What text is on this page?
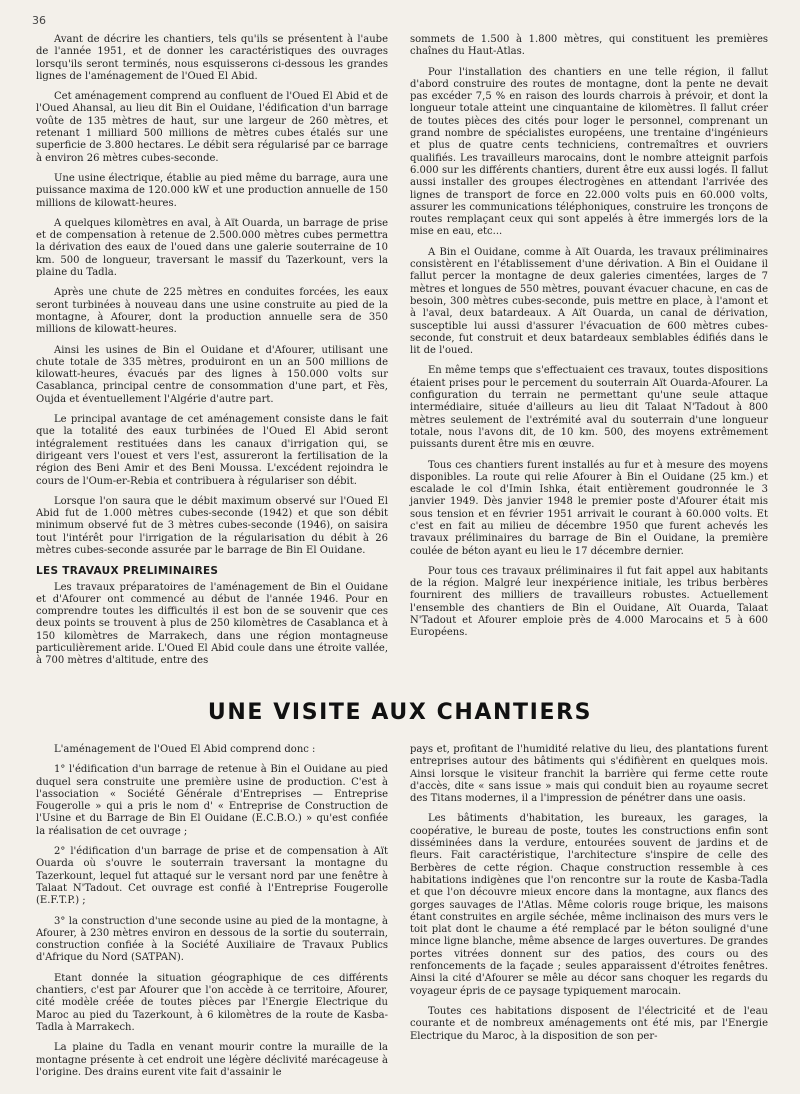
36

Avant de décrire les chantiers, tels qu'ils se présentent à l'aube de l'année 1951, et de donner les caractéristiques des ouvrages lorsqu'ils seront terminés, nous esquisserons ci-dessous les grandes lignes de l'aménagement de l'Oued El Abid.

Cet aménagement comprend au confluent de l'Oued El Abid et de l'Oued Ahansal, au lieu dit Bin el Ouidane, l'édification d'un barrage voûte de 135 mètres de haut, sur une largeur de 260 mètres, et retenant 1 milliard 500 millions de mètres cubes étalés sur une superficie de 3.800 hectares. Le débit sera régularisé par ce barrage à environ 26 mètres cubes-seconde.

Une usine électrique, établie au pied même du barrage, aura une puissance maxima de 120.000 kW et une production annuelle de 150 millions de kilowatt-heures.

A quelques kilomètres en aval, à Aït Ouarda, un barrage de prise et de compensation à retenue de 2.500.000 mètres cubes permettra la dérivation des eaux de l'oued dans une galerie souterraine de 10 km. 500 de longueur, traversant le massif du Tazerkount, vers la plaine du Tadla.

Après une chute de 225 mètres en conduites forcées, les eaux seront turbinées à nouveau dans une usine construite au pied de la montagne, à Afourer, dont la production annuelle sera de 350 millions de kilowatt-heures.

Ainsi les usines de Bin el Ouidane et d'Afourer, utilisant une chute totale de 335 mètres, produiront en un an 500 millions de kilowatt-heures, évacués par des lignes à 150.000 volts sur Casablanca, principal centre de consommation d'une part, et Fès, Oujda et éventuellement l'Algérie d'autre part.

Le principal avantage de cet aménagement consiste dans le fait que la totalité des eaux turbinées de l'Oued El Abid seront intégralement restituées dans les canaux d'irrigation qui, se dirigeant vers l'ouest et vers l'est, assureront la fertilisation de la région des Beni Amir et des Beni Moussa. L'excédent rejoindra le cours de l'Oum-er-Rebia et contribuera à régulariser son débit.

Lorsque l'on saura que le débit maximum observé sur l'Oued El Abid fut de 1.000 mètres cubes-seconde (1942) et que son débit minimum observé fut de 3 mètres cubes-seconde (1946), on saisira tout l'intérêt pour l'irrigation de la régularisation du débit à 26 mètres cubes-seconde assurée par le barrage de Bin El Ouidane.

LES TRAVAUX PRELIMINAIRES

Les travaux préparatoires de l'aménagement de Bin el Ouidane et d'Afourer ont commencé au début de l'année 1946. Pour en comprendre toutes les difficultés il est bon de se souvenir que ces deux points se trouvent à plus de 250 kilomètres de Casablanca et à 150 kilomètres de Marrakech, dans une région montagneuse particulièrement aride. L'Oued El Abid coule dans une étroite vallée, à 700 mètres d'altitude, entre des

sommets de 1.500 à 1.800 mètres, qui constituent les premières chaînes du Haut-Atlas.

Pour l'installation des chantiers en une telle région, il fallut d'abord construire des routes de montagne, dont la pente ne devait pas excéder 7,5 % en raison des lourds charrois à prévoir, et dont la longueur totale atteint une cinquantaine de kilomètres. Il fallut créer de toutes pièces des cités pour loger le personnel, comprenant un grand nombre de spécialistes européens, une trentaine d'ingénieurs et plus de quatre cents techniciens, contremaîtres et ouvriers qualifiés. Les travailleurs marocains, dont le nombre atteignit parfois 6.000 sur les différents chantiers, durent être eux aussi logés. Il fallut aussi installer des groupes électrogènes en attendant l'arrivée des lignes de transport de force en 22.000 volts puis en 60.000 volts, assurer les communications téléphoniques, construire les tronçons de routes remplaçant ceux qui sont appelés à être immergés lors de la mise en eau, etc...

A Bin el Ouidane, comme à Aït Ouarda, les travaux préliminaires consistèrent en l'établissement d'une dérivation. A Bin el Ouidane il fallut percer la montagne de deux galeries cimentées, larges de 7 mètres et longues de 550 mètres, pouvant évacuer chacune, en cas de besoin, 300 mètres cubes-seconde, puis mettre en place, à l'amont et à l'aval, deux batardeaux. A Aït Ouarda, un canal de dérivation, susceptible lui aussi d'assurer l'évacuation de 600 mètres cubes-seconde, fut construit et deux batardeaux semblables édifiés dans le lit de l'oued.

En même temps que s'effectuaient ces travaux, toutes dispositions étaient prises pour le percement du souterrain Aït Ouarda-Afourer. La configuration du terrain ne permettant qu'une seule attaque intermédiaire, située d'ailleurs au lieu dit Talaat N'Tadout à 800 mètres seulement de l'extrémité aval du souterrain d'une longueur totale, nous l'avons dit, de 10 km. 500, des moyens extrêmement puissants durent être mis en œuvre.

Tous ces chantiers furent installés au fur et à mesure des moyens disponibles. La route qui relie Afourer à Bin el Ouidane (25 km.) et escalade le col d'Imin Ishka, était entièrement goudronnée le 3 janvier 1949. Dès janvier 1948 le premier poste d'Afourer était mis sous tension et en février 1951 arrivait le courant à 60.000 volts. Et c'est en fait au milieu de décembre 1950 que furent achevés les travaux préliminaires du barrage de Bin el Ouidane, la première coulée de béton ayant eu lieu le 17 décembre dernier.

Pour tous ces travaux préliminaires il fut fait appel aux habitants de la région. Malgré leur inexpérience initiale, les tribus berbères fournirent des milliers de travailleurs robustes. Actuellement l'ensemble des chantiers de Bin el Ouidane, Aït Ouarda, Talaat N'Tadout et Afourer emploie près de 4.000 Marocains et 5 à 600 Européens.

UNE VISITE AUX CHANTIERS

L'aménagement de l'Oued El Abid comprend donc :

1° l'édification d'un barrage de retenue à Bin el Ouidane au pied duquel sera construite une première usine de production. C'est à l'association « Société Générale d'Entreprises — Entreprise Fougerolle » qui a pris le nom d' « Entreprise de Construction de l'Usine et du Barrage de Bin El Ouidane (E.C.B.O.) » qu'est confiée la réalisation de cet ouvrage ;

2° l'édification d'un barrage de prise et de compensation à Aït Ouarda où s'ouvre le souterrain traversant la montagne du Tazerkount, lequel fut attaqué sur le versant nord par une fenêtre à Talaat N'Tadout. Cet ouvrage est confié à l'Entreprise Fougerolle (E.F.T.P.) ;

3° la construction d'une seconde usine au pied de la montagne, à Afourer, à 230 mètres environ en dessous de la sortie du souterrain, construction confiée à la Société Auxiliaire de Travaux Publics d'Afrique du Nord (SATPAN).

Etant donnée la situation géographique de ces différents chantiers, c'est par Afourer que l'on accède à ce territoire, Afourer, cité modèle créée de toutes pièces par l'Energie Electrique du Maroc au pied du Tazerkount, à 6 kilomètres de la route de Kasba-Tadla à Marrakech.

La plaine du Tadla en venant mourir contre la muraille de la montagne présente à cet endroit une légère déclivité marécageuse à l'origine. Des drains eurent vite fait d'assainir le

pays et, profitant de l'humidité relative du lieu, des plantations furent entreprises autour des bâtiments qui s'édifièrent en quelques mois. Ainsi lorsque le visiteur franchit la barrière qui ferme cette route d'accès, dite « sans issue » mais qui conduit bien au royaume secret des Titans modernes, il a l'impression de pénétrer dans une oasis.

Les bâtiments d'habitation, les bureaux, les garages, la coopérative, le bureau de poste, toutes les constructions enfin sont disséminées dans la verdure, entourées souvent de jardins et de fleurs. Fait caractéristique, l'architecture s'inspire de celle des Berbères de cette région. Chaque construction ressemble à ces habitations indigènes que l'on rencontre sur la route de Kasba-Tadla et que l'on découvre mieux encore dans la montagne, aux flancs des gorges sauvages de l'Atlas. Même coloris rouge brique, les maisons étant construites en argile séchée, même inclinaison des murs vers le toit plat dont le chaume a été remplacé par le béton souligné d'une mince ligne blanche, même absence de larges ouvertures. De grandes portes vitrées donnent sur des patios, des cours ou des renfoncements de la façade ; seules apparaissent d'étroites fenêtres. Ainsi la cité d'Afourer se mêle au décor sans choquer les regards du voyageur épris de ce paysage typiquement marocain.

Toutes ces habitations disposent de l'électricité et de l'eau courante et de nombreux aménagements ont été mis, par l'Energie Electrique du Maroc, à la disposition de son per-
